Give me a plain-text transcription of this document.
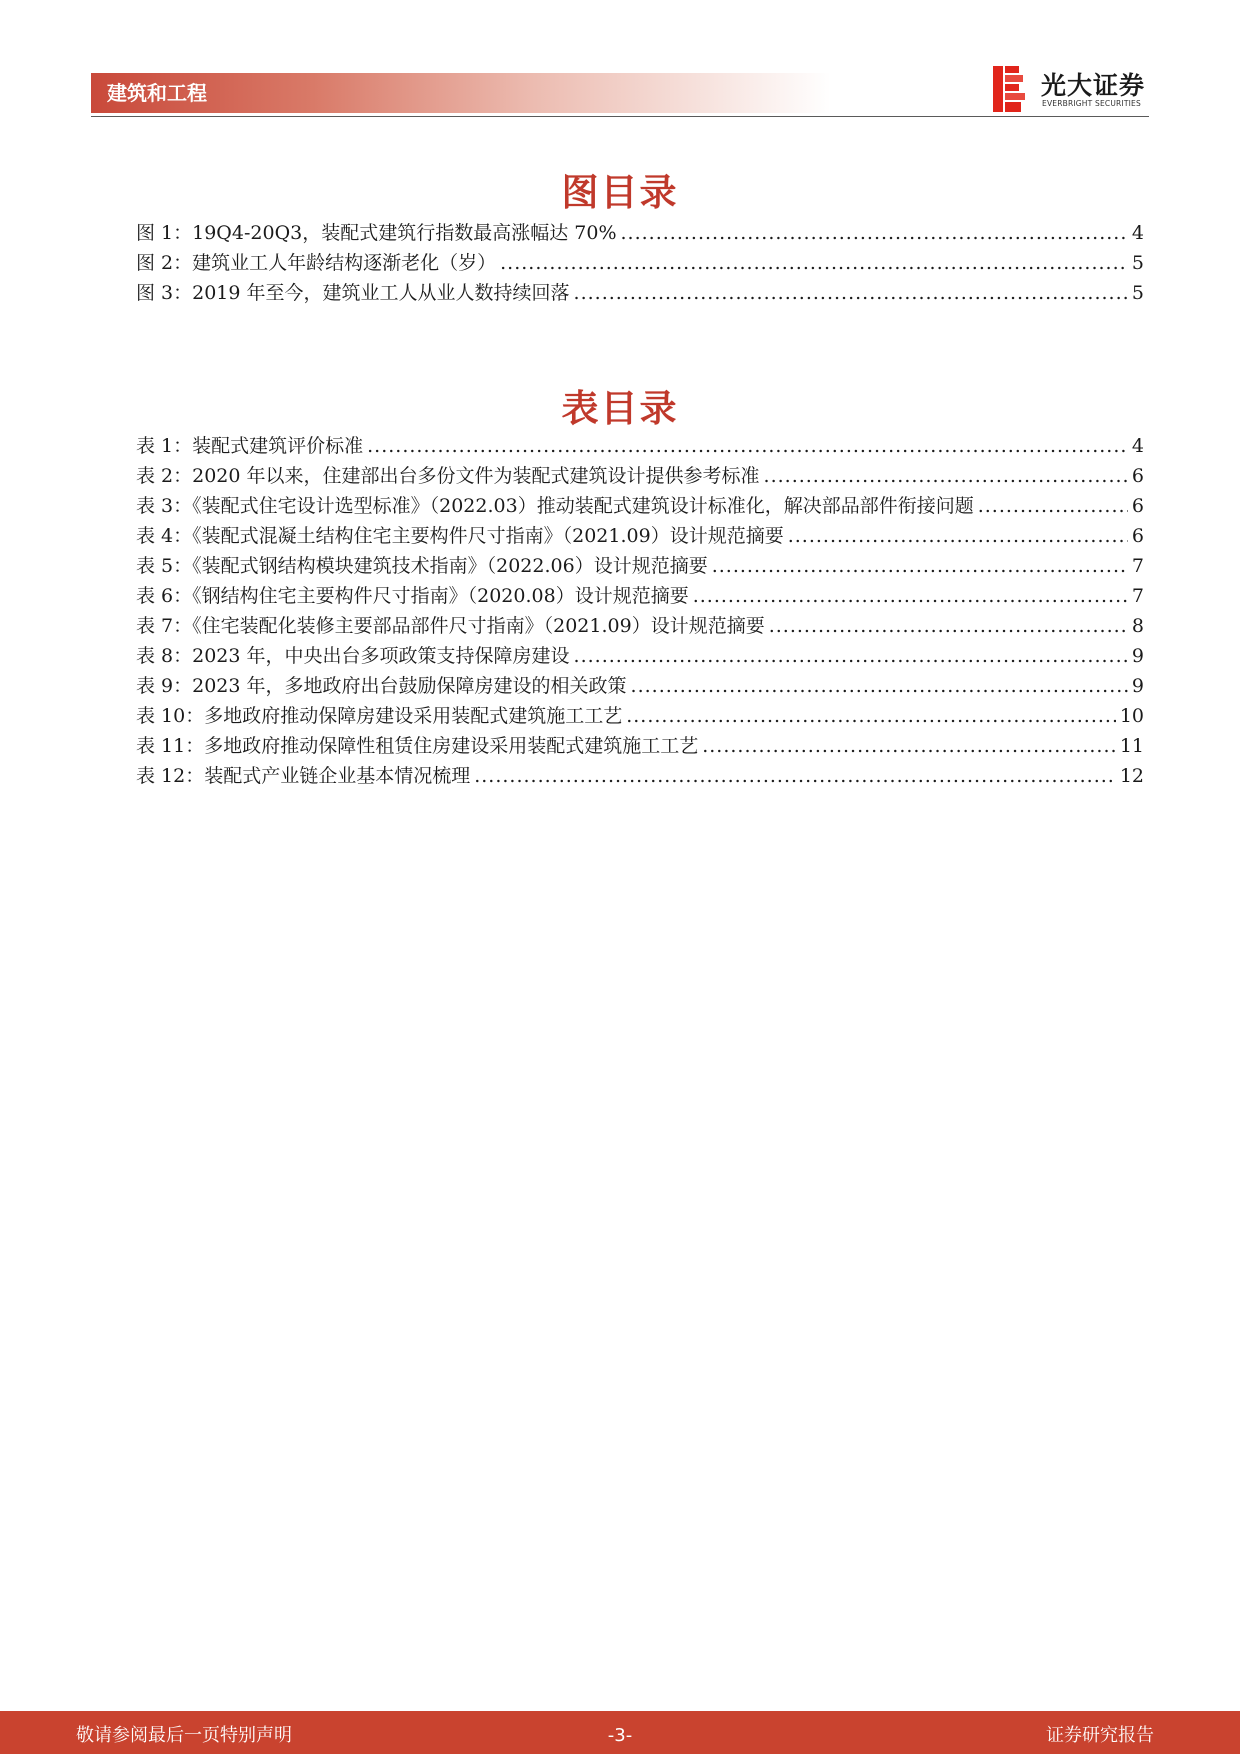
建筑和工程	光大证券
EVERBRIGHT SECURITIES
图目录
图 1：19Q4-20Q3，装配式建筑行指数最高涨幅达 70% .....	4
图 2：建筑业工人年龄结构逐渐老化（岁） .....	5
图 3：2019 年至今，建筑业工人从业人数持续回落 .....	5
表目录
表 1：装配式建筑评价标准 .....	4
表 2：2020 年以来，住建部出台多份文件为装配式建筑设计提供参考标准 .....	6
表 3：《装配式住宅设计选型标准》（2022.03）推动装配式建筑设计标准化，解决部品部件衔接问题 .....	6
表 4：《装配式混凝土结构住宅主要构件尺寸指南》（2021.09）设计规范摘要 .....	6
表 5：《装配式钢结构模块建筑技术指南》（2022.06）设计规范摘要 .....	7
表 6：《钢结构住宅主要构件尺寸指南》（2020.08）设计规范摘要 .....	7
表 7：《住宅装配化装修主要部品部件尺寸指南》（2021.09）设计规范摘要 .....	8
表 8：2023 年，中央出台多项政策支持保障房建设 .....	9
表 9：2023 年，多地政府出台鼓励保障房建设的相关政策 .....	9
表 10：多地政府推动保障房建设采用装配式建筑施工工艺 .....	10
表 11：多地政府推动保障性租赁住房建设采用装配式建筑施工工艺 .....	11
表 12：装配式产业链企业基本情况梳理 .....	12
敬请参阅最后一页特别声明	-3-	证券研究报告
